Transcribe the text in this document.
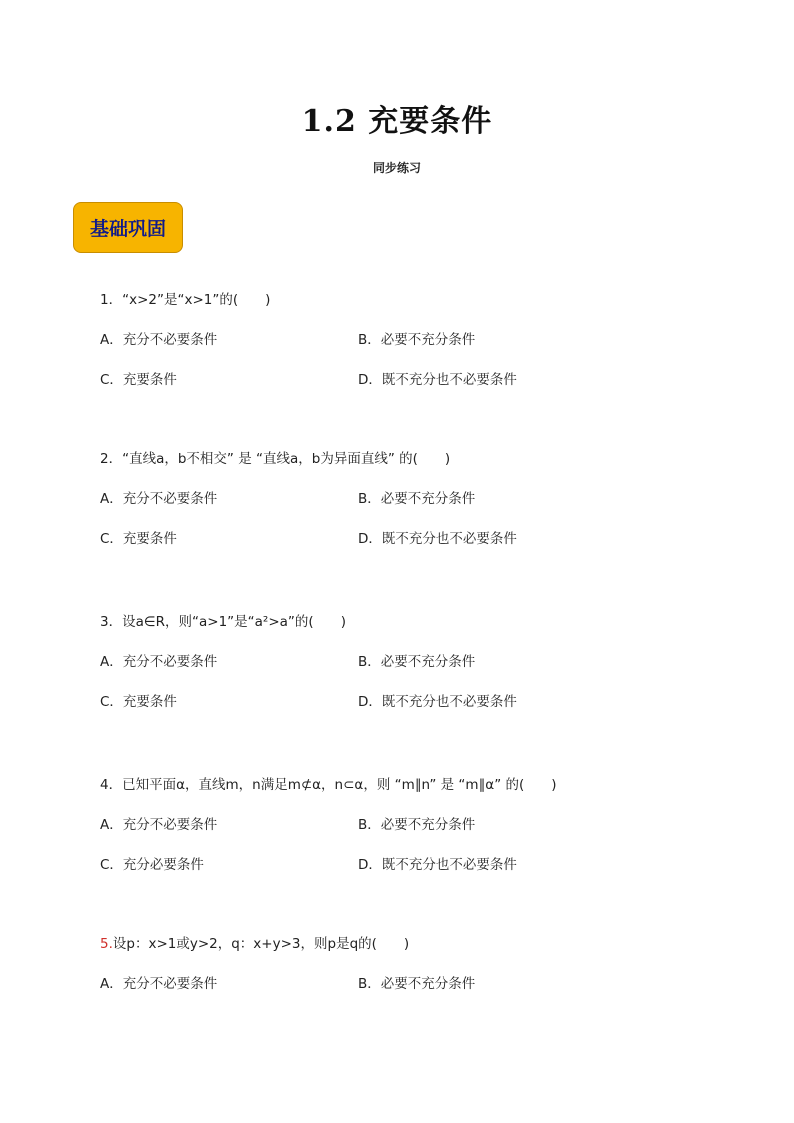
1.2 充要条件
同步练习
基础巩固
1．“x>2”是“x>1”的(　　)
A．充分不必要条件	B．必要不充分条件
C．充要条件	D．既不充分也不必要条件
2．“直线a，b不相交” 是 “直线a，b为异面直线” 的(　　)
A．充分不必要条件	B．必要不充分条件
C．充要条件	D．既不充分也不必要条件
3．设a∈R，则“a>1”是“a²>a”的(　　)
A．充分不必要条件	B．必要不充分条件
C．充要条件	D．既不充分也不必要条件
4．已知平面α，直线m，n满足m⊄α，n⊂α，则 “m∥n” 是 “m∥α” 的(　　)
A．充分不必要条件	B．必要不充分条件
C．充分必要条件	D．既不充分也不必要条件
5.设p：x>1或y>2，q：x+y>3，则p是q的(　　)
A．充分不必要条件	B．必要不充分条件
